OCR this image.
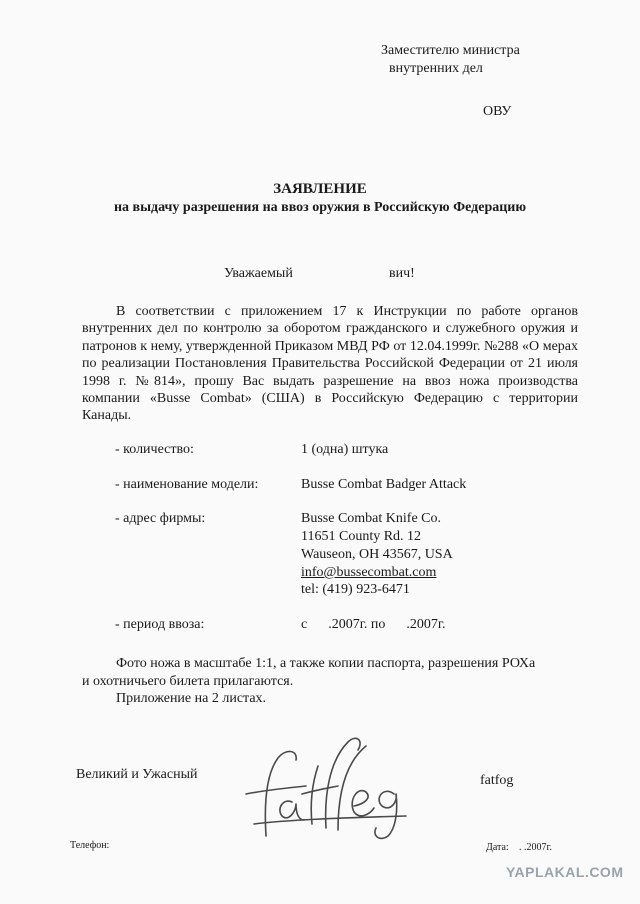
Заместителю министра
внутренних дел
ОВУ
ЗАЯВЛЕНИЕ
на выдачу разрешения на ввоз оружия в Российскую Федерацию
Уважаемый	вич!
В соответствии с приложением 17 к Инструкции по работе органов внутренних дел по контролю за оборотом гражданского и служебного оружия и патронов к нему, утвержденной Приказом МВД РФ от 12.04.1999г. №288 «О мерах по реализации Постановления Правительства Российской Федерации от 21 июля 1998 г. №814», прошу Вас выдать разрешение на ввоз ножа производства компании «Busse Combat» (США) в Российскую Федерацию с территории Канады.
- количество:	1 (одна) штука
- наименование модели:	Busse Combat Badger Attack
- адрес фирмы:	Busse Combat Knife Co.
11651 County Rd. 12
Wauseon, OH 43567, USA
info@bussecombat.com
tel: (419) 923-6471
- период ввоза:	с      .2007г. по      .2007г.
Фото ножа в масштабе 1:1, а также копии паспорта, разрешения РОХа
и охотничьего билета прилагаются.
Приложение на 2 листах.
Великий и Ужасный	fatfog
Телефон:	Дата: . .2007г.
YAPLAKAL.COM
